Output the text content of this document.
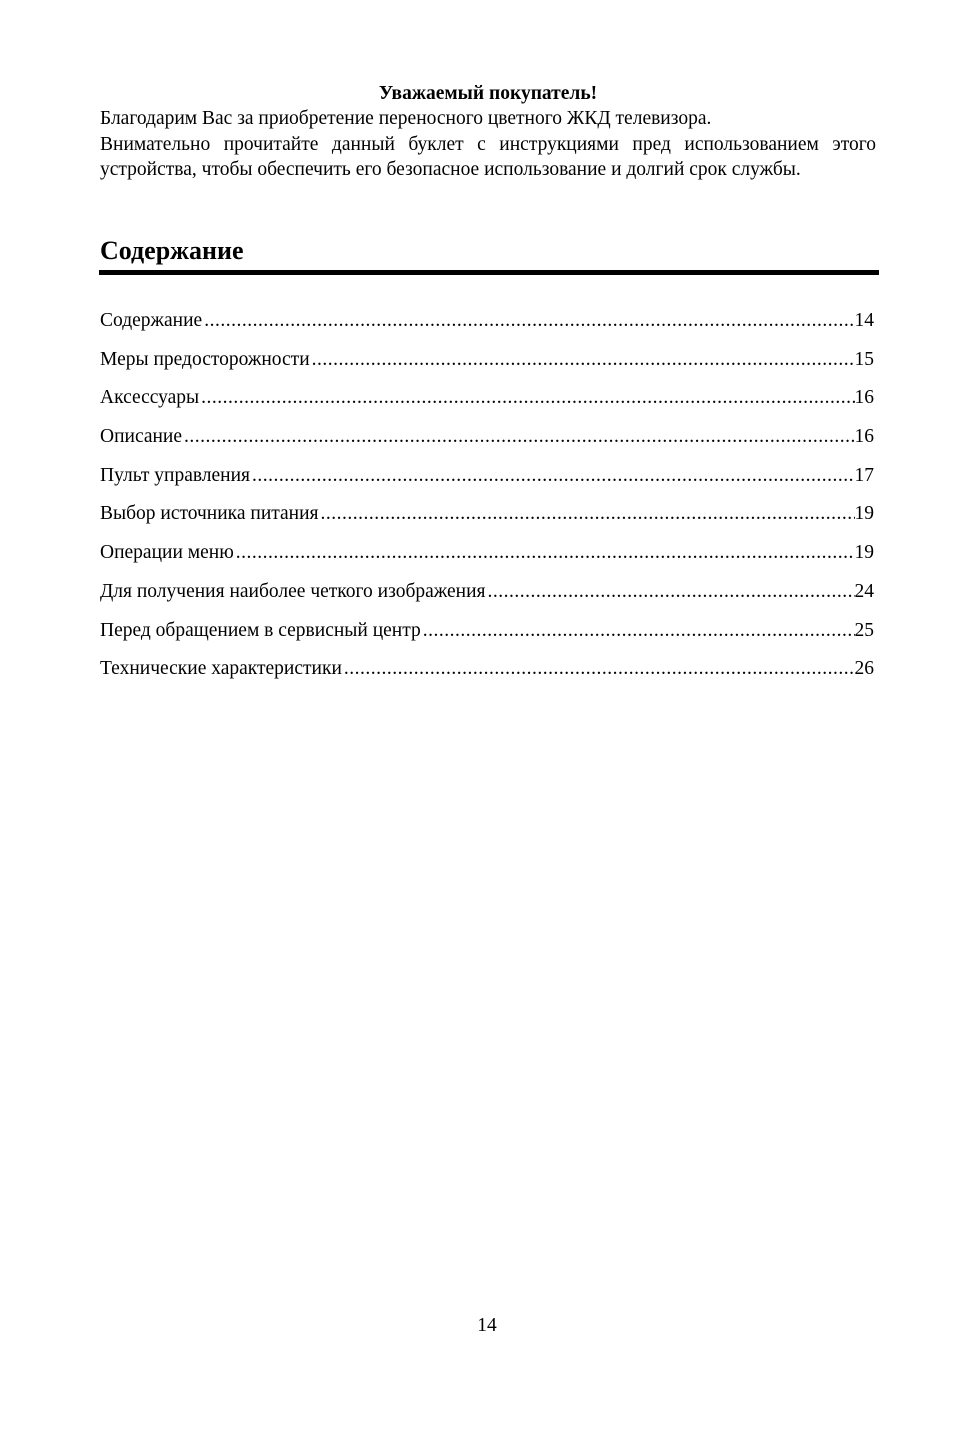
Уважаемый покупатель!

Благодарим Вас за приобретение переносного цветного ЖКД телевизора.

Внимательно прочитайте данный буклет с инструкциями пред использованием этого устройства, чтобы обеспечить его безопасное использование и долгий срок службы.

Содержание
Содержание .....	14
Меры предосторожности .....	15
Аксессуары .....	16
Описание .....	16
Пульт управления .....	17
Выбор источника питания .....	19
Операции меню .....	19
Для получения наиболее четкого изображения .....	24
Перед обращением в сервисный центр .....	25
Технические характеристики .....	26
14
